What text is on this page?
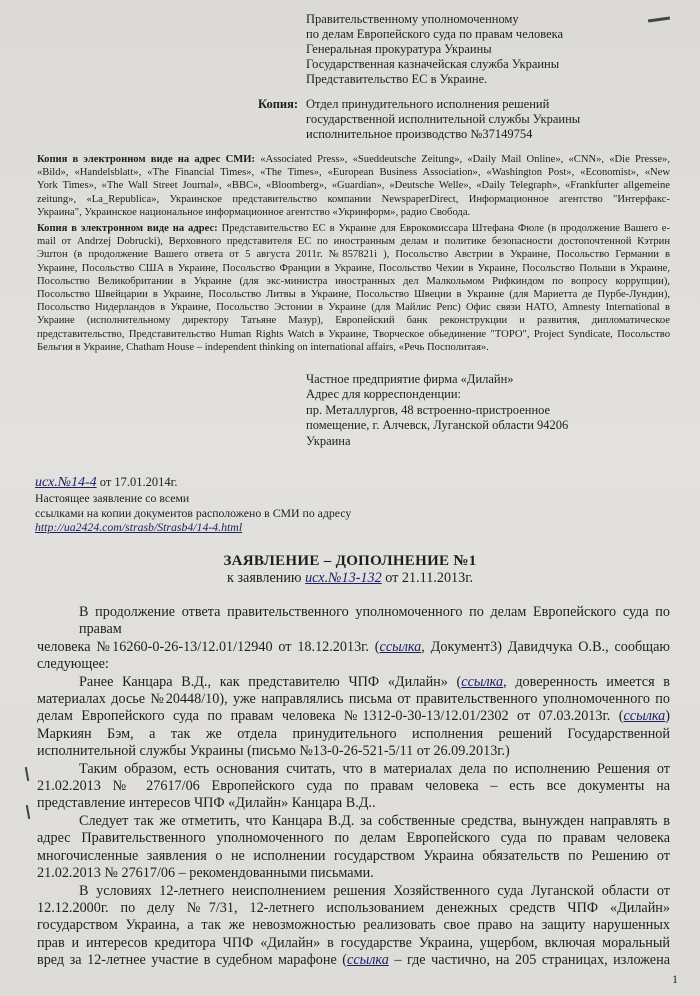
Правительственному уполномоченному
по делам Европейского суда по правам человека
Генеральная прокуратура Украины
Государственная казначейская служба Украины
Представительство ЕС в Украине.
Копия: Отдел принудительного исполнения решений
государственной исполнительной службы Украины
исполнительное производство №37149754
Копия в электронном виде на адрес СМИ: «Associated Press», «Sueddeutsche Zeitung», «Daily Mail Online», «CNN», «Die Presse»,
«Bild», «Handelsblatt», «The Financial Times», «The Times», «European Business Association», «Washington Post», «Economist», «New
York Times», «The Wall Street Journal», «BBC», «Bloomberg», «Guardian», «Deutsche Welle», «Daily Telegraph», «Frankfurter allgemeine
zeitung», «La_Republica», Украинское представительство компании NewspaperDirect, Информационное агентство "Интерфакс-
Украина", Украинское национальное информационное агентство «Укринформ», радио Свобода.
Копия в электронном виде на адрес: Представительство ЕС в Украине для Еврокомиссара Штефана Фюле (в продолжение Вашего е-
mail от Andrzej Dobrucki), Верховного представителя ЕС по иностранным делам и политике безопасности достопочтенной Кэтрин
Эштон (в продолжение Вашего ответа от 5 августа 2011г. №857821i ), Посольство Австрии в Украине, Посольство Германии в
Украине, Посольство США в Украине, Посольство Франции в Украине, Посольство Чехии в Украине, Посольство Польши в Украине,
Посольство Великобритании в Украине (для экс-министра иностранных дел Малкольмом Рифкиндом по вопросу коррупции),
Посольство Швейцарии в Украине, Посольство Литвы в Украине, Посольство Швеции в Украине (для Мариетта де Пурбе-Лундин),
Посольство Нидерландов в Украине, Посольство Эстонии в Украине (для Майлис Репс) Офис связи НАТО, Amnesty International в
Украине (исполнительному директору Татьяне Мазур), Европейский банк реконструкции и развития, дипломатическое
представительство, Представительство Human Rights Watch в Украине, Творческое обьединение "ТОРО", Project Syndicate, Посольство
Бельгия в Украине, Chatham House – independent thinking on international affairs, «Речь Посполитая».
Частное предприятие фирма «Дилайн»
Адрес для корреспонденции:
пр. Металлургов, 48 встроенно-пристроенное
помещение, г. Алчевск, Луганской области 94206
Украина
исх.№14-4 от 17.01.2014г.
Настоящее заявление со всеми
ссылками на копии документов расположено в СМИ по адресу
http://ua2424.com/strasb/Strasb4/14-4.html
ЗАЯВЛЕНИЕ – ДОПОЛНЕНИЕ №1
к заявлению исх.№13-132 от 21.11.2013г.
В продолжение ответа правительственного уполномоченного по делам Европейского суда по правам
человека №16260-0-26-13/12.01/12940 от 18.12.2013г. (ссылка, Документ3) Давидчука О.В., сообщаю
следующее:
Ранее Канцара В.Д., как представителю ЧПФ «Дилайн» (ссылка, доверенность имеется в
материалах досье №20448/10), уже направлялись письма от правительственного уполномоченного по
делам Европейского суда по правам человека №1312-0-30-13/12.01/2302 от 07.03.2013г. (ссылка)
Маркиян Бэм, а так же отдела принудительного исполнения решений Государственной
исполнительной службы Украины (письмо №13-0-26-521-5/11 от 26.09.2013г.)
Таким образом, есть основания считать, что в материалах дела по исполнению Решения от
21.02.2013 № 27617/06 Европейского суда по правам человека – есть все документы на
представление интересов ЧПФ «Дилайн» Канцара В.Д..
Следует так же отметить, что Канцара В.Д. за собственные средства, вынужден направлять в
адрес Правительственного уполномоченного по делам Европейского суда по правам человека
многочисленные заявления о не исполнении государством Украина обязательств по Решению от
21.02.2013 № 27617/06 – рекомендованными письмами.
В условиях 12-летнего неисполнением решения Хозяйственного суда Луганской области от
12.12.2000г. по делу №7/31, 12-летнего использованием денежных средств ЧПФ «Дилайн»
государством Украина, а так же невозможностью реализовать свое право на защиту нарушенных
прав и интересов кредитора ЧПФ «Дилайн» в государстве Украина, ущербом, включая моральный
вред за 12-летнее участие в судебном марафоне (ссылка – где частично, на 205 страницах, изложена
1
